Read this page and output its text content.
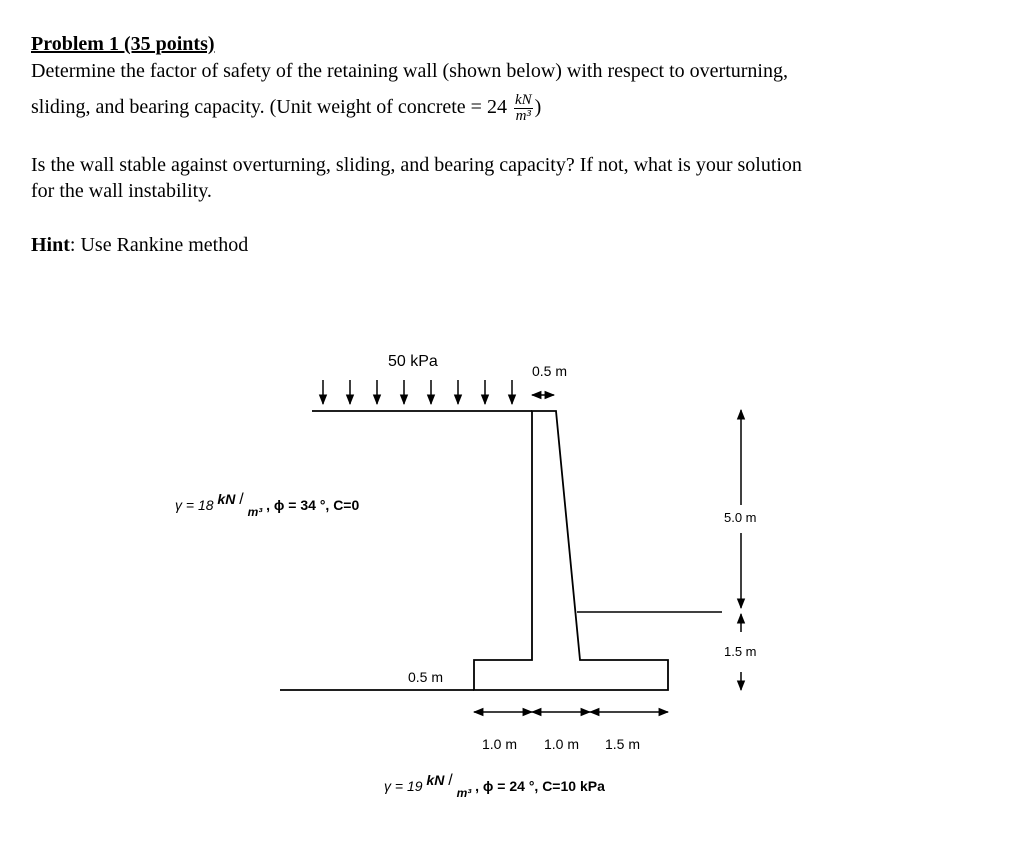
Problem 1 (35 points)
Determine the factor of safety of the retaining wall (shown below) with respect to overturning,
sliding, and bearing capacity. (Unit weight of concrete = $24 \frac{kN}{\text{m³}}$ )
Is the wall stable against overturning, sliding, and bearing capacity? If not, what is your solution
for the wall instability.
Hint: Use Rankine method
50 kPa
0.5 m
γ = 18 kN / m³ , ϕ = 34 °, C=0
5.0 m
1.5 m
0.5 m
1.0 m 1.0 m 1.5 m
γ = 19 kN / m³ , ϕ = 24 °, C=10 kPa
